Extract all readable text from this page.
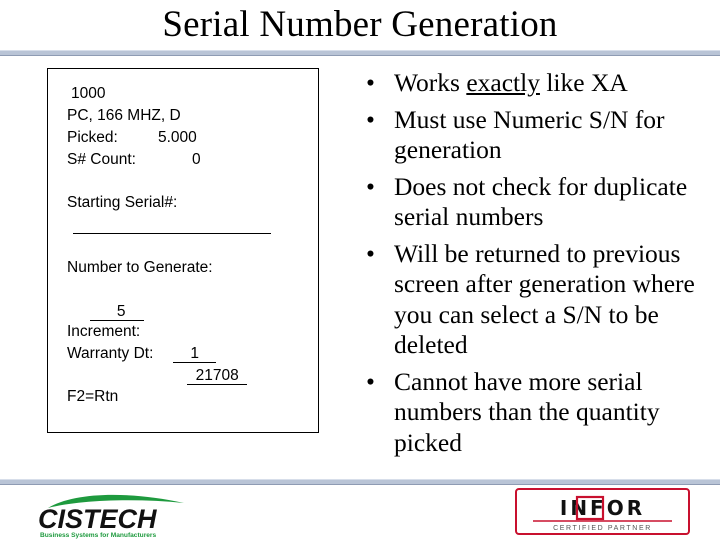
Serial Number Generation
1000
PC, 166 MHZ, D
Picked:	5.000
S# Count:	0
Starting Serial#:
Number to Generate:

5

Increment:

1

Warranty Dt:

21708

F2=Rtn
• Works exactly like XA
• Must use Numeric S/N for generation
• Does not check for duplicate serial numbers
• Will be returned to previous screen after generation where you can select a S/N to be deleted
• Cannot have more serial numbers than the quantity picked
CISTECH
Business Systems for Manufacturers
INFOR
CERTIFIED PARTNER
